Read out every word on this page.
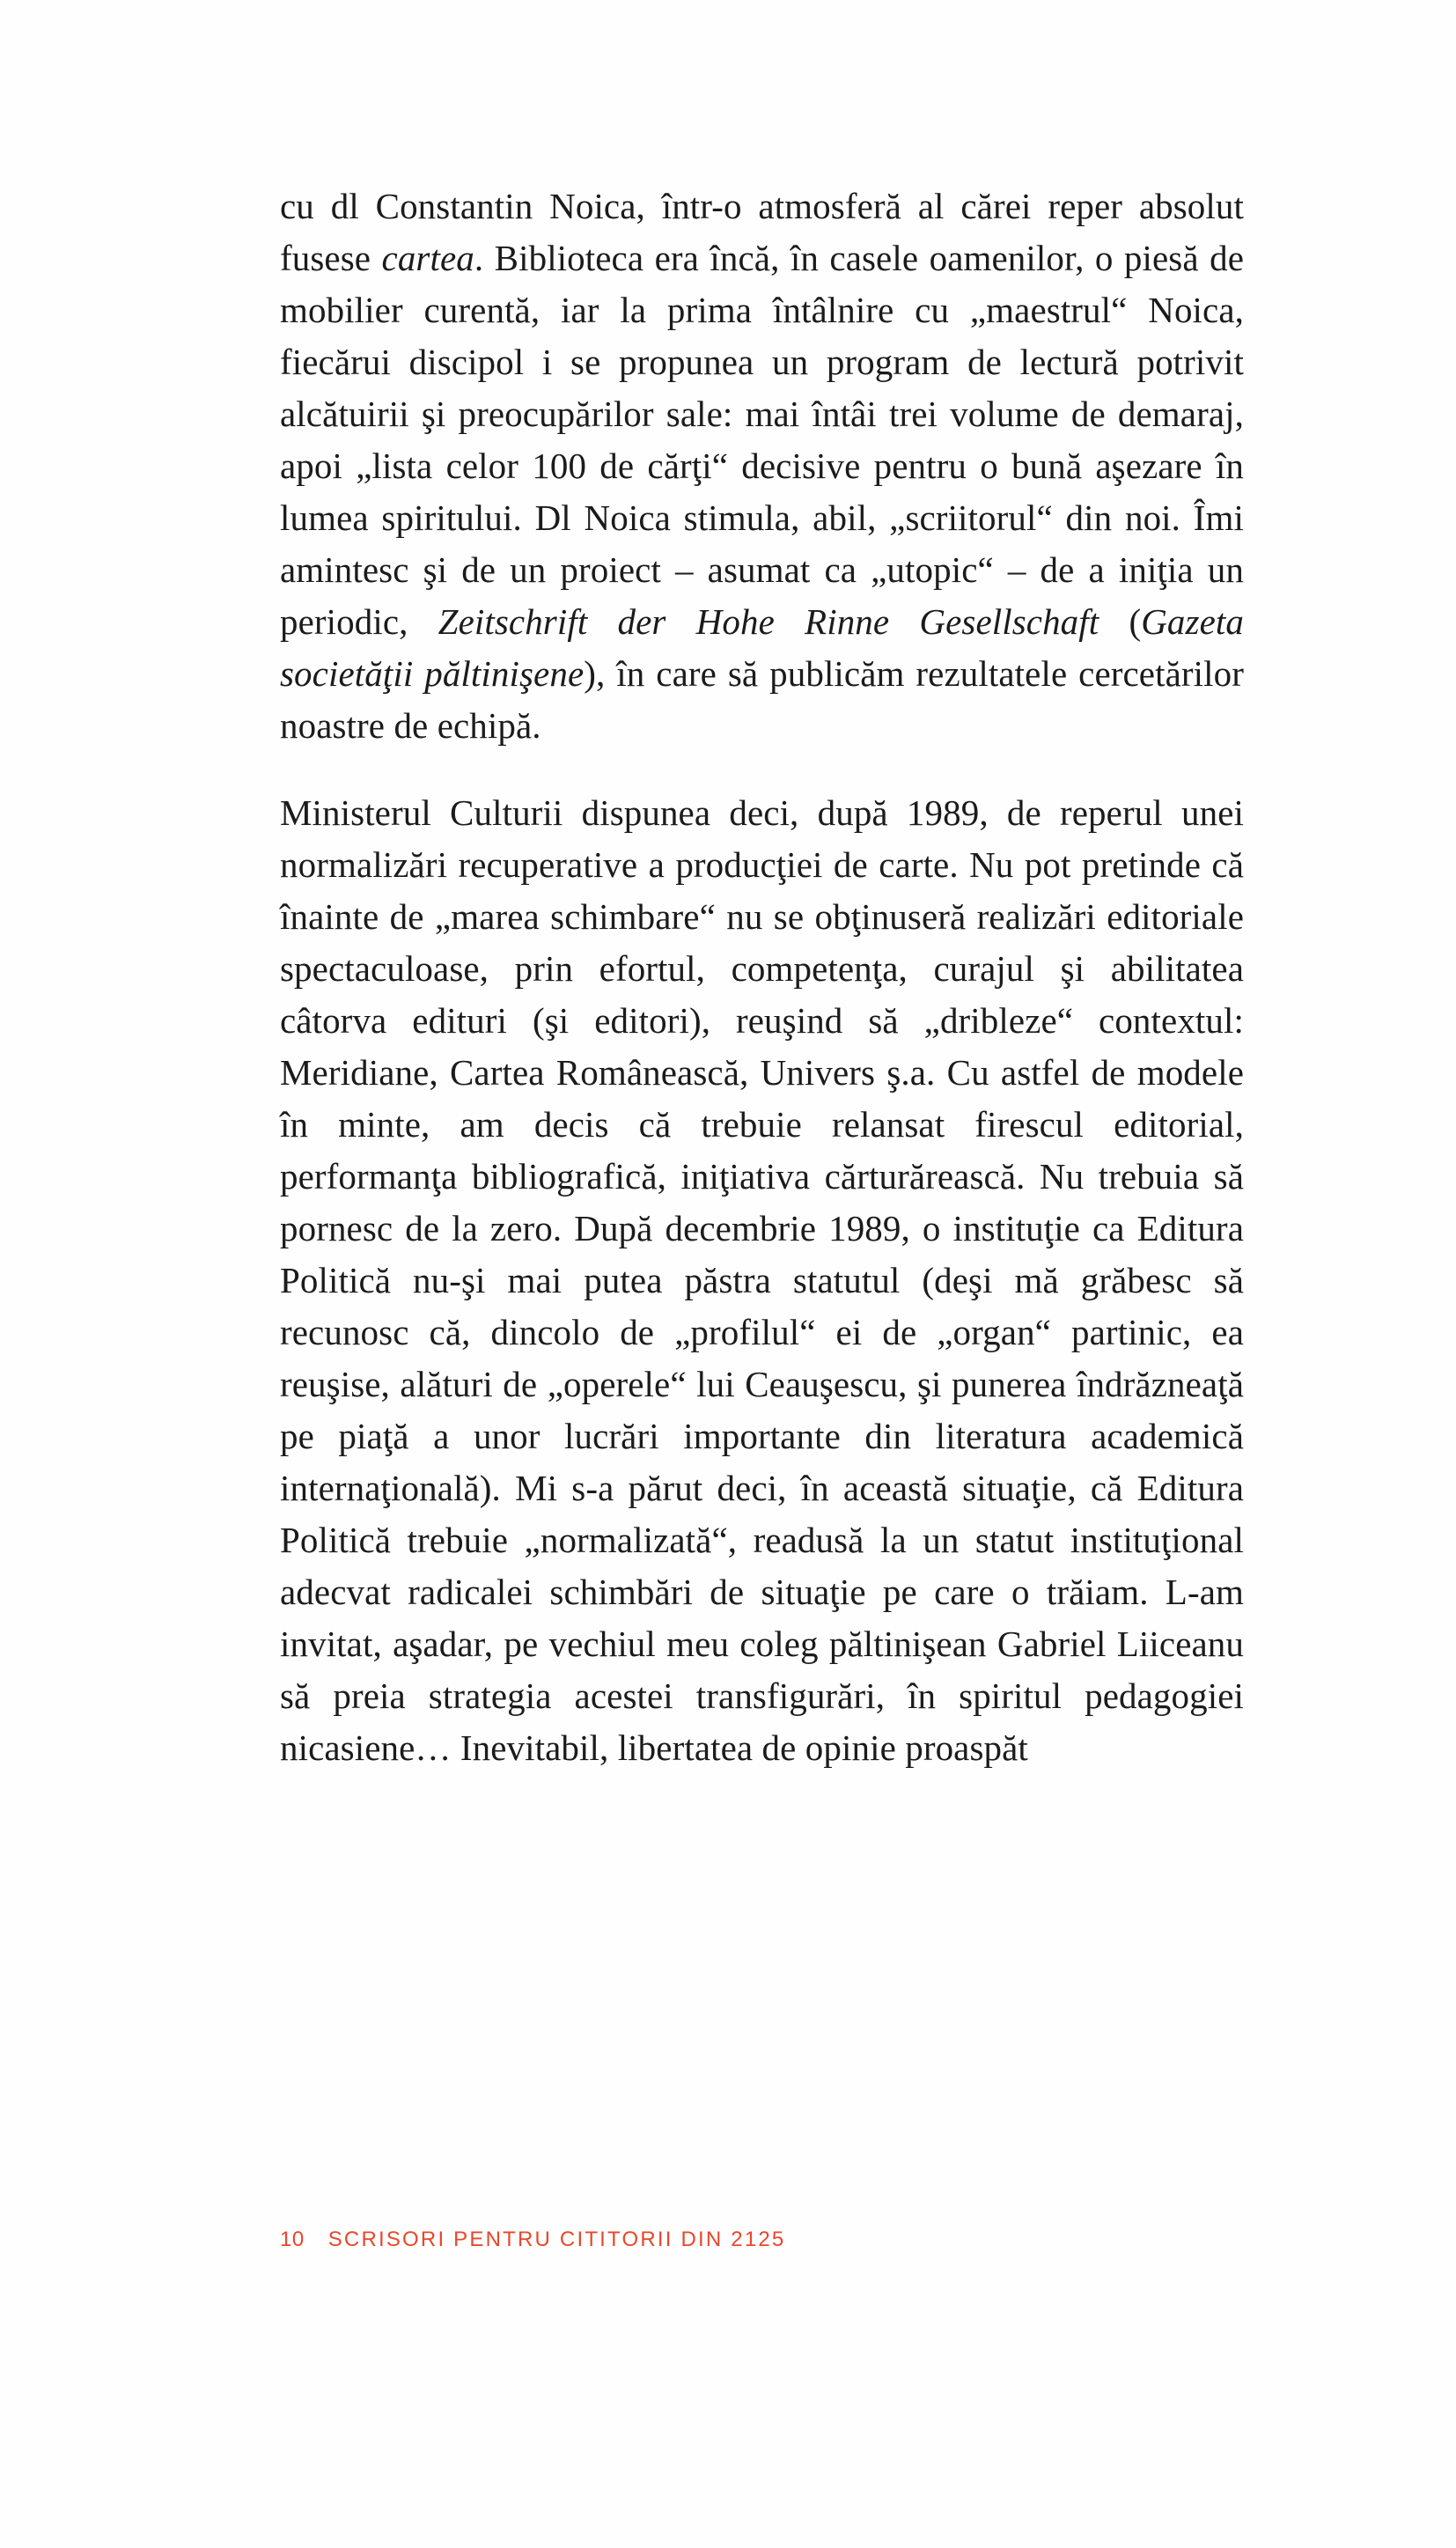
cu dl Constantin Noica, într-o atmosferă al cărei reper absolut fusese cartea. Biblioteca era încă, în casele oamenilor, o piesă de mobilier curentă, iar la prima întâlnire cu „maestrul“ Noica, fiecărui discipol i se propunea un program de lectură potrivit alcătuirii şi preocupărilor sale: mai întâi trei volume de demaraj, apoi „lista celor 100 de cărţi“ decisive pentru o bună aşezare în lumea spiritului. Dl Noica stimula, abil, „scriitorul“ din noi. Îmi amintesc şi de un proiect – asumat ca „utopic“ – de a iniţia un periodic, Zeitschrift der Hohe Rinne Gesellschaft (Gazeta societăţii păltinişene), în care să publicăm rezultatele cercetărilor noastre de echipă.

Ministerul Culturii dispunea deci, după 1989, de reperul unei normalizări recuperative a producţiei de carte. Nu pot pretinde că înainte de „marea schimbare“ nu se obţinuseră realizări editoriale spectaculoase, prin efortul, competenţa, curajul şi abilitatea câtorva edituri (şi editori), reuşind să „dribleze“ contextul: Meridiane, Cartea Românească, Univers ş.a. Cu astfel de modele în minte, am decis că trebuie relansat firescul editorial, performanţa bibliografică, iniţiativa cărturărească. Nu trebuia să pornesc de la zero. După decembrie 1989, o instituţie ca Editura Politică nu-şi mai putea păstra statutul (deşi mă grăbesc să recunosc că, dincolo de „profilul“ ei de „organ“ partinic, ea reuşise, alături de „operele“ lui Ceauşescu, şi punerea îndrăzneaţă pe piaţă a unor lucrări importante din literatura academică internaţională). Mi s-a părut deci, în această situaţie, că Editura Politică trebuie „normalizată“, readusă la un statut instituţional adecvat radicalei schimbări de situaţie pe care o trăiam. L-am invitat, aşadar, pe vechiul meu coleg păltinişean Gabriel Liiceanu să preia strategia acestei transfigurări, în spiritul pedagogiei nicasiene… Inevitabil, libertatea de opinie proaspăt

10 SCRISORI PENTRU CITITORII DIN 2125
